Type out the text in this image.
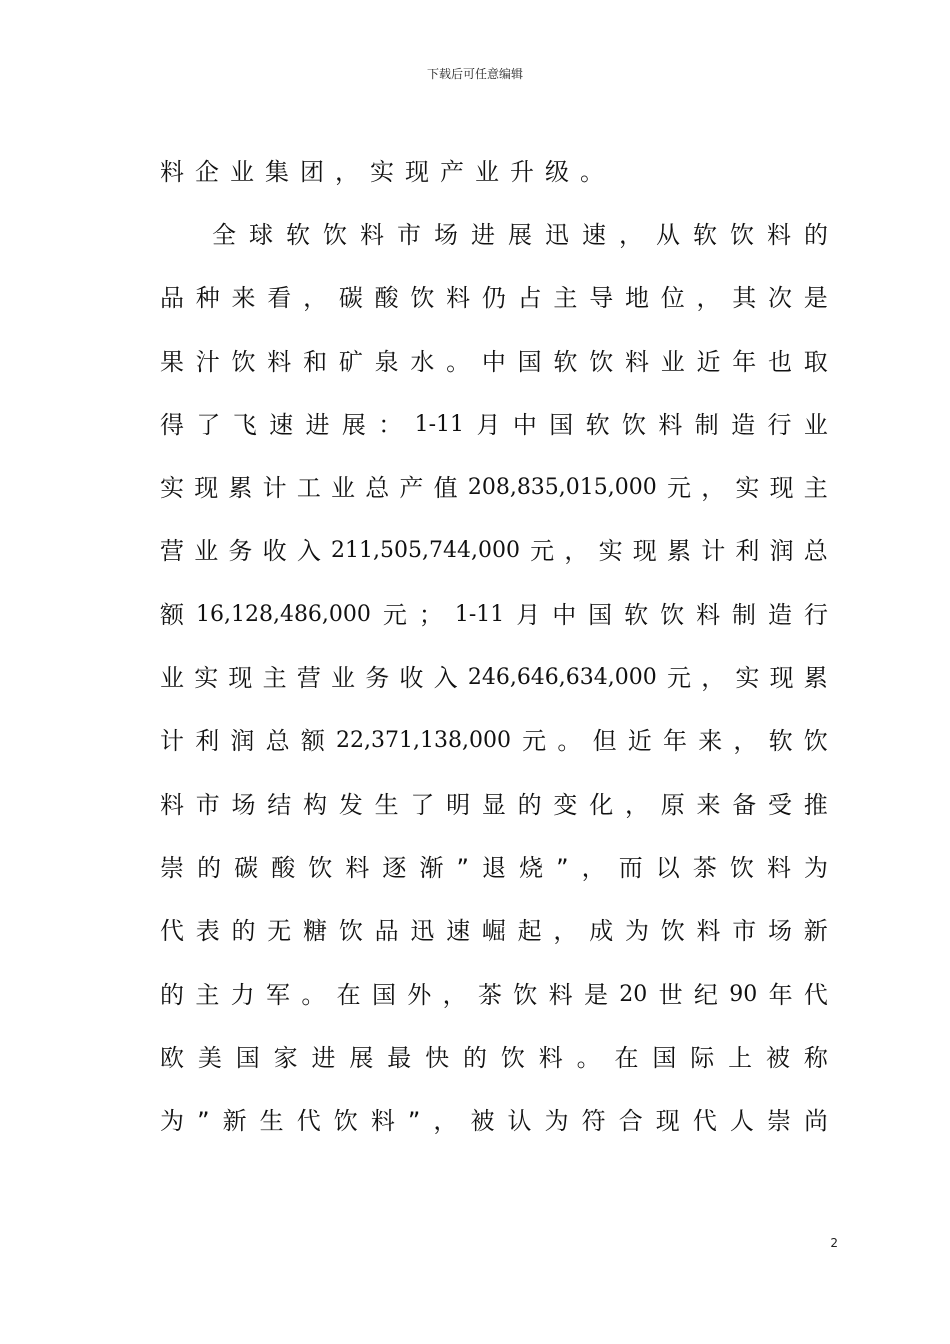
下载后可任意编辑
料 企 业 集 团 ， 实 现 产 业 升 级 。
全 球 软 饮 料 市 场 进 展 迅 速 ， 从 软 饮 料 的
品 种 来 看 ， 碳 酸 饮 料 仍 占 主 导 地 位 ， 其 次 是
果 汁 饮 料 和 矿 泉 水 。 中 国 软 饮 料 业 近 年 也 取
得 了 飞 速 进 展 ： 1-11 月 中 国 软 饮 料 制 造 行 业
实 现 累 计 工 业 总 产 值 208,835,015,000 元 ， 实 现 主
营 业 务 收 入 211,505,744,000 元 ， 实 现 累 计 利 润 总
额 16,128,486,000 元 ； 1-11 月 中 国 软 饮 料 制 造 行
业 实 现 主 营 业 务 收 入 246,646,634,000 元 ， 实 现 累
计 利 润 总 额 22,371,138,000 元 。 但 近 年 来 ， 软 饮
料 市 场 结 构 发 生 了 明 显 的 变 化 ， 原 来 备 受 推
崇 的 碳 酸 饮 料 逐 渐 ” 退 烧 ” ， 而 以 茶 饮 料 为
代 表 的 无 糖 饮 品 迅 速 崛 起 ， 成 为 饮 料 市 场 新
的 主 力 军 。 在 国 外 ， 茶 饮 料 是 20 世 纪 90 年 代
欧 美 国 家 进 展 最 快 的 饮 料 。 在 国 际 上 被 称
为 ” 新 生 代 饮 料 ” ， 被 认 为 符 合 现 代 人 崇 尚
2
